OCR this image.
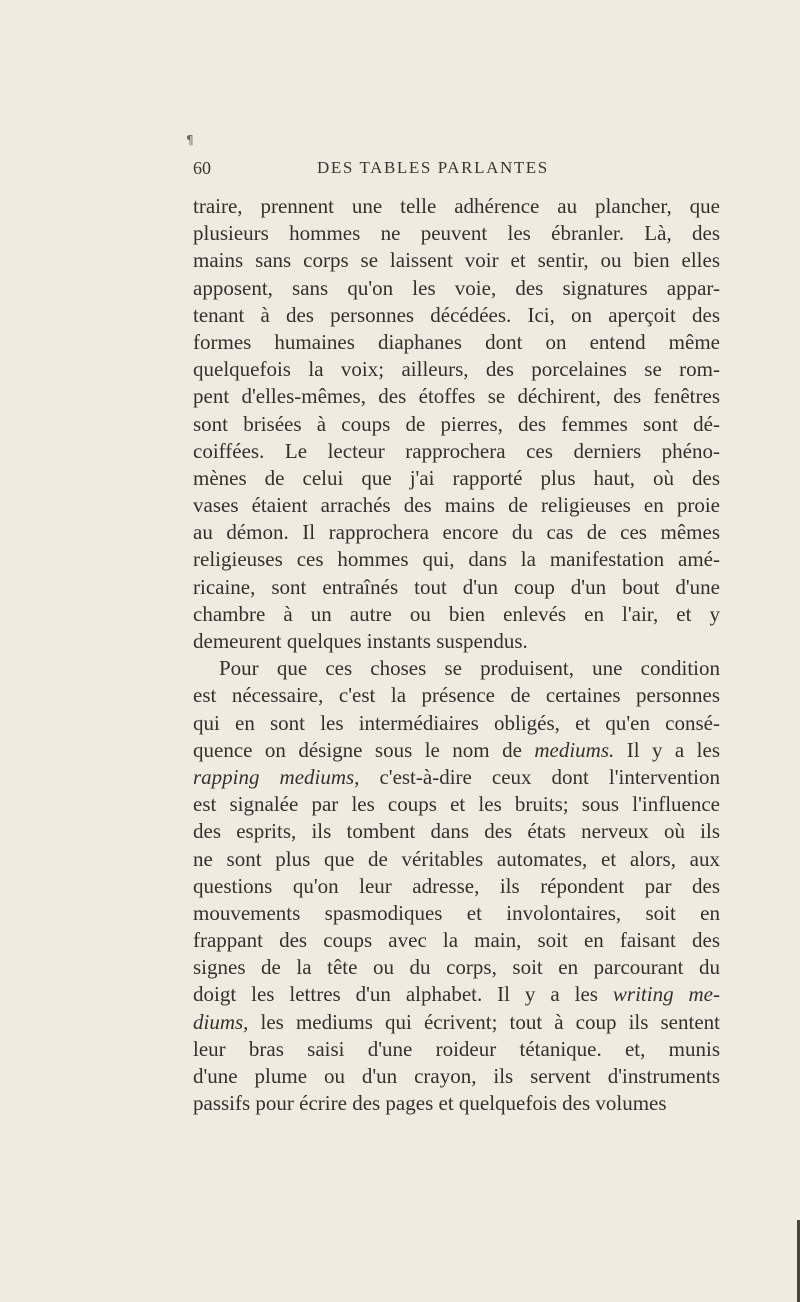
¶
60	DES TABLES PARLANTES
traire, prennent une telle adhérence au plancher, que
plusieurs hommes ne peuvent les ébranler. Là, des
mains sans corps se laissent voir et sentir, ou bien elles
apposent, sans qu'on les voie, des signatures appar-
tenant à des personnes décédées. Ici, on aperçoit des
formes humaines diaphanes dont on entend même
quelquefois la voix; ailleurs, des porcelaines se rom-
pent d'elles-mêmes, des étoffes se déchirent, des fenêtres
sont brisées à coups de pierres, des femmes sont dé-
coiffées. Le lecteur rapprochera ces derniers phéno-
mènes de celui que j'ai rapporté plus haut, où des
vases étaient arrachés des mains de religieuses en proie
au démon. Il rapprochera encore du cas de ces mêmes
religieuses ces hommes qui, dans la manifestation amé-
ricaine, sont entraînés tout d'un coup d'un bout d'une
chambre à un autre ou bien enlevés en l'air, et y
demeurent quelques instants suspendus.
Pour que ces choses se produisent, une condition
est nécessaire, c'est la présence de certaines personnes
qui en sont les intermédiaires obligés, et qu'en consé-
quence on désigne sous le nom de mediums. Il y a les
rapping mediums, c'est-à-dire ceux dont l'intervention
est signalée par les coups et les bruits; sous l'influence
des esprits, ils tombent dans des états nerveux où ils
ne sont plus que de véritables automates, et alors, aux
questions qu'on leur adresse, ils répondent par des
mouvements spasmodiques et involontaires, soit en
frappant des coups avec la main, soit en faisant des
signes de la tête ou du corps, soit en parcourant du
doigt les lettres d'un alphabet. Il y a les writing me-
diums, les mediums qui écrivent; tout à coup ils sentent
leur bras saisi d'une roideur tétanique. et, munis
d'une plume ou d'un crayon, ils servent d'instruments
passifs pour écrire des pages et quelquefois des volumes
